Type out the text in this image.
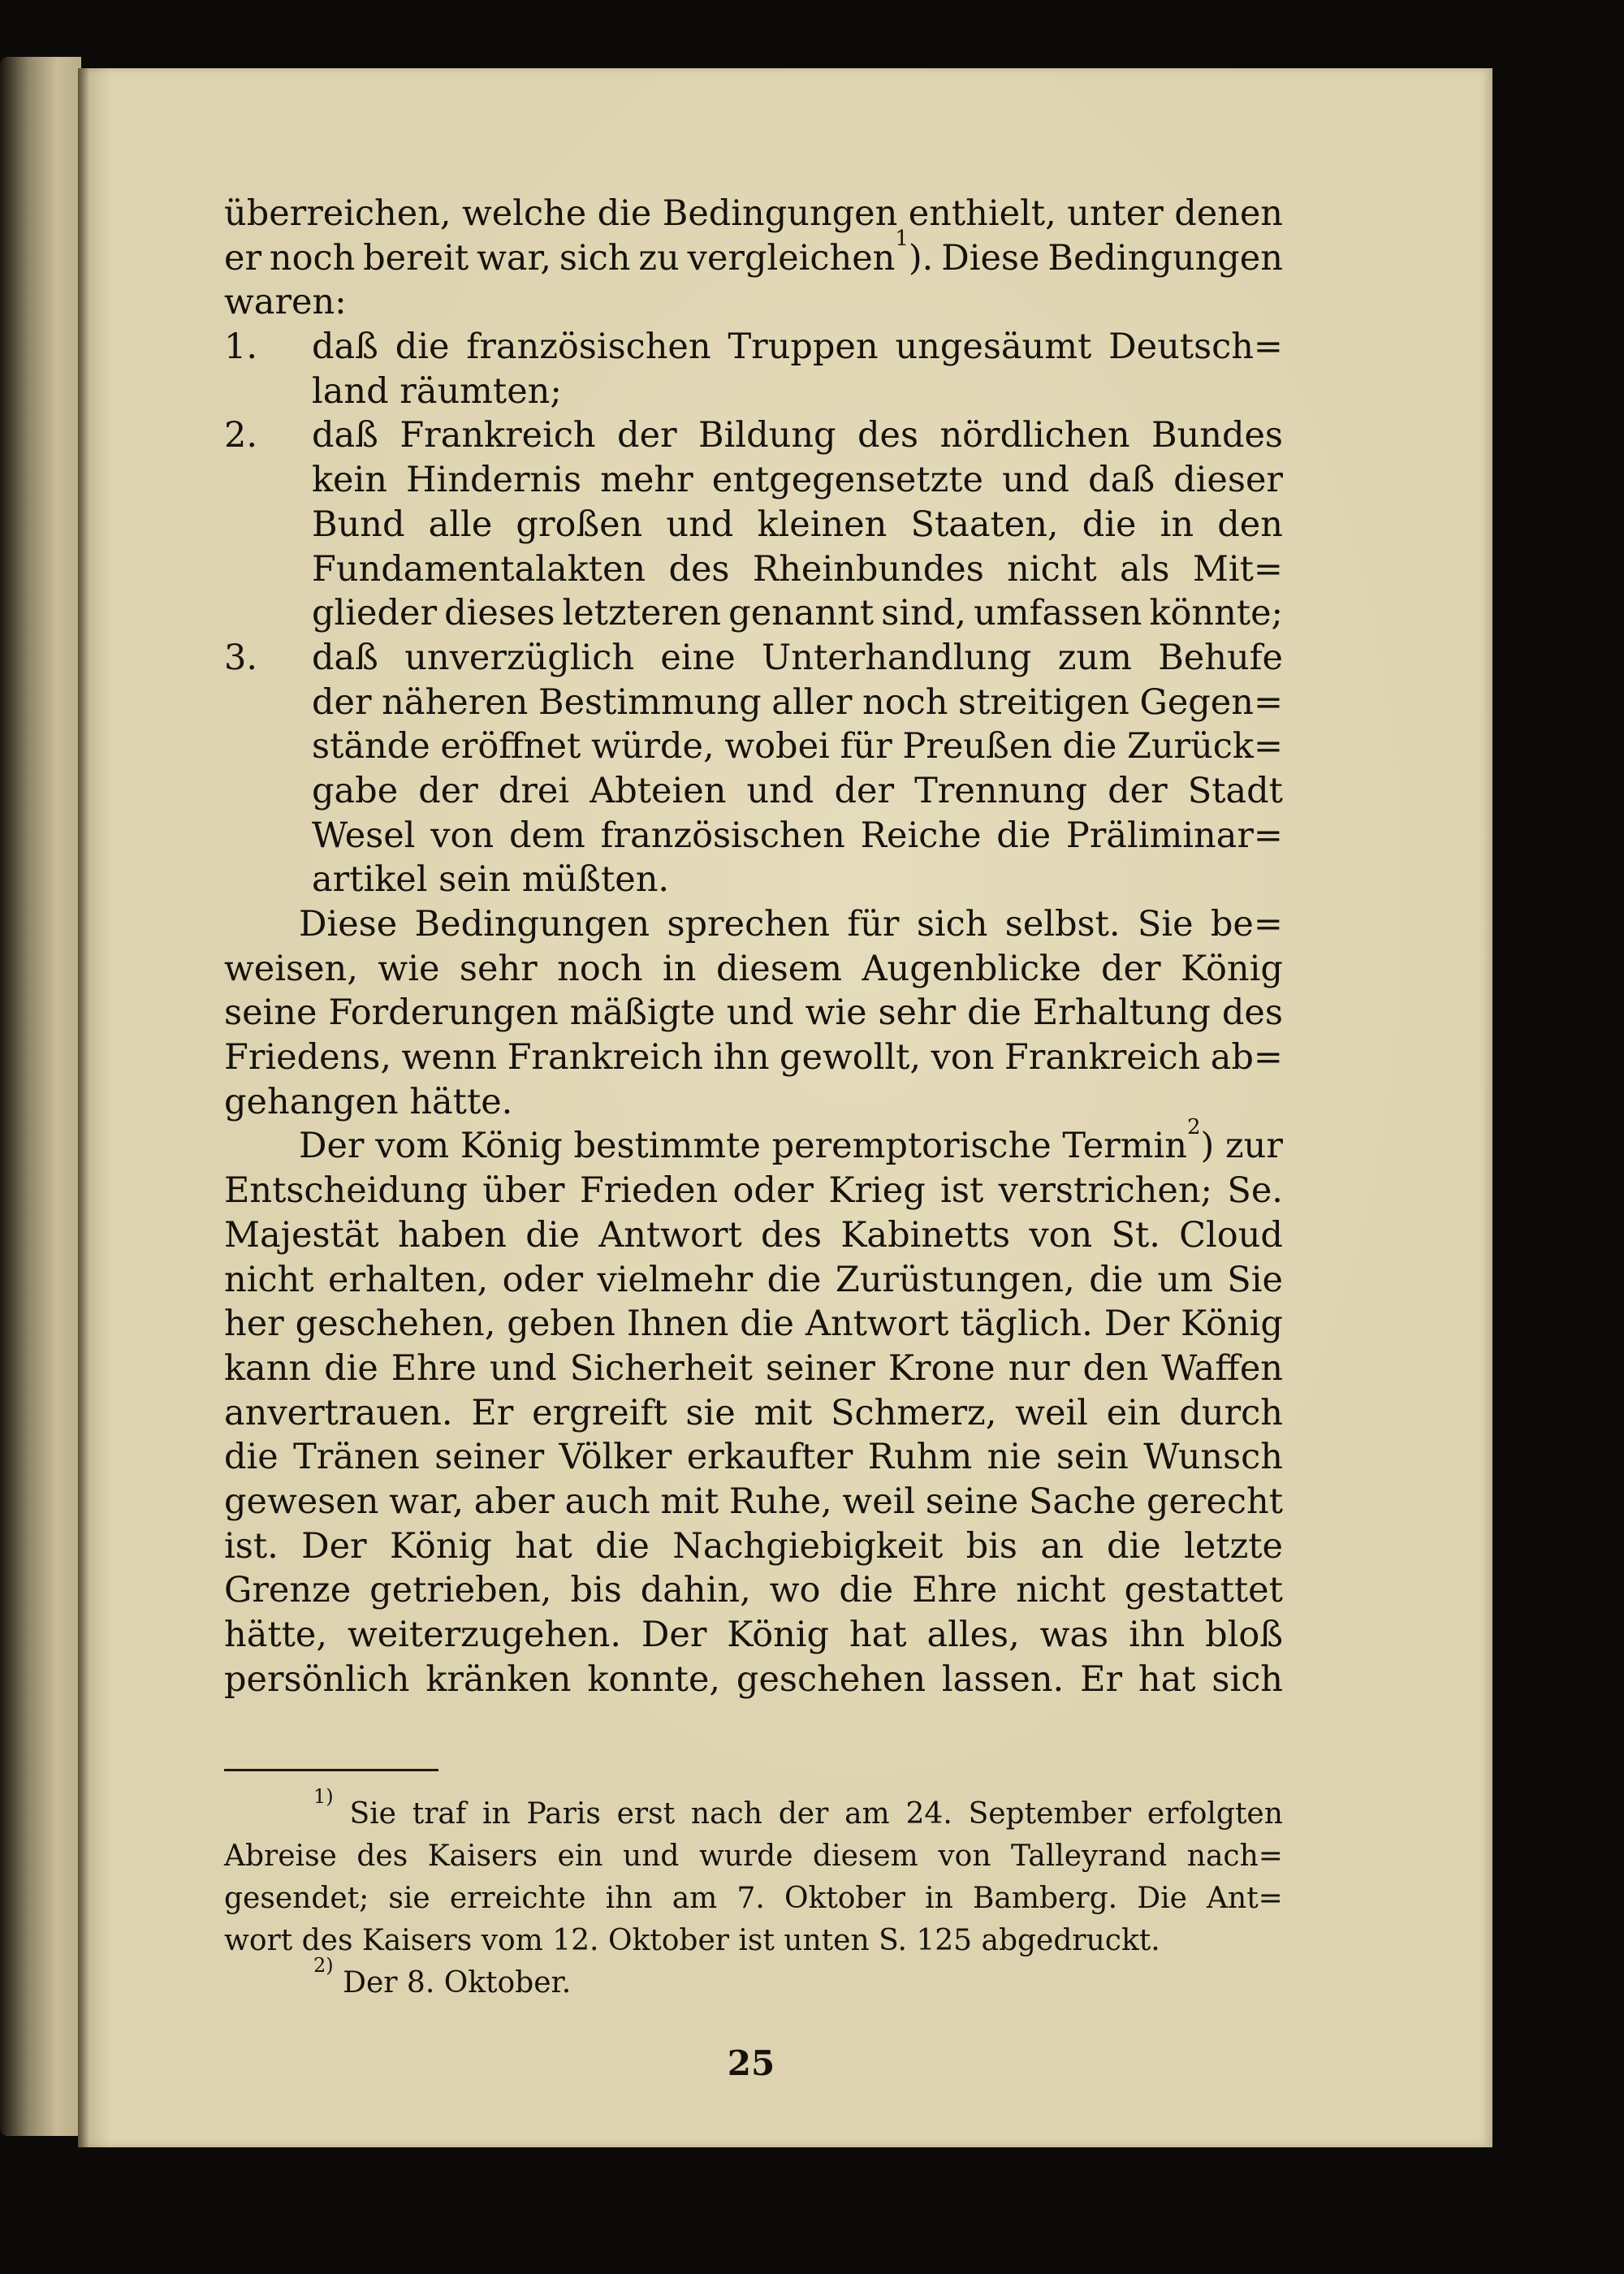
überreichen, welche die Bedingungen enthielt, unter denen
er noch bereit war, sich zu vergleichen$^1$). Diese Bedingungen
waren:
1. daß die französischen Truppen ungesäumt Deutsch=
land räumten;
2. daß Frankreich der Bildung des nördlichen Bundes
kein Hindernis mehr entgegensetzte und daß dieser
Bund alle großen und kleinen Staaten, die in den
Fundamentalakten des Rheinbundes nicht als Mit=
glieder dieses letzteren genannt sind, umfassen könnte;
3. daß unverzüglich eine Unterhandlung zum Behufe
der näheren Bestimmung aller noch streitigen Gegen=
stände eröffnet würde, wobei für Preußen die Zurück=
gabe der drei Abteien und der Trennung der Stadt
Wesel von dem französischen Reiche die Präliminar=
artikel sein müßten.
Diese Bedingungen sprechen für sich selbst. Sie be=
weisen, wie sehr noch in diesem Augenblicke der König
seine Forderungen mäßigte und wie sehr die Erhaltung des
Friedens, wenn Frankreich ihn gewollt, von Frankreich ab=
gehangen hätte.
Der vom König bestimmte peremptorische Termin$^2$) zur
Entscheidung über Frieden oder Krieg ist verstrichen; Se.
Majestät haben die Antwort des Kabinetts von St. Cloud
nicht erhalten, oder vielmehr die Zurüstungen, die um Sie
her geschehen, geben Ihnen die Antwort täglich. Der König
kann die Ehre und Sicherheit seiner Krone nur den Waffen
anvertrauen. Er ergreift sie mit Schmerz, weil ein durch
die Tränen seiner Völker erkaufter Ruhm nie sein Wunsch
gewesen war, aber auch mit Ruhe, weil seine Sache gerecht
ist. Der König hat die Nachgiebigkeit bis an die letzte
Grenze getrieben, bis dahin, wo die Ehre nicht gestattet
hätte, weiterzugehen. Der König hat alles, was ihn bloß
persönlich kränken konnte, geschehen lassen. Er hat sich
$^{1)}$
Sie traf in Paris erst nach der am 24. September erfolgten
Abreise des Kaisers ein und wurde diesem von Talleyrand nach=
gesendet; sie erreichte ihn am 7. Oktober in Bamberg. Die Ant=
wort des Kaisers vom 12. Oktober ist unten S. 125 abgedruckt.
$^{2)}$ Der 8. Oktober.
25
